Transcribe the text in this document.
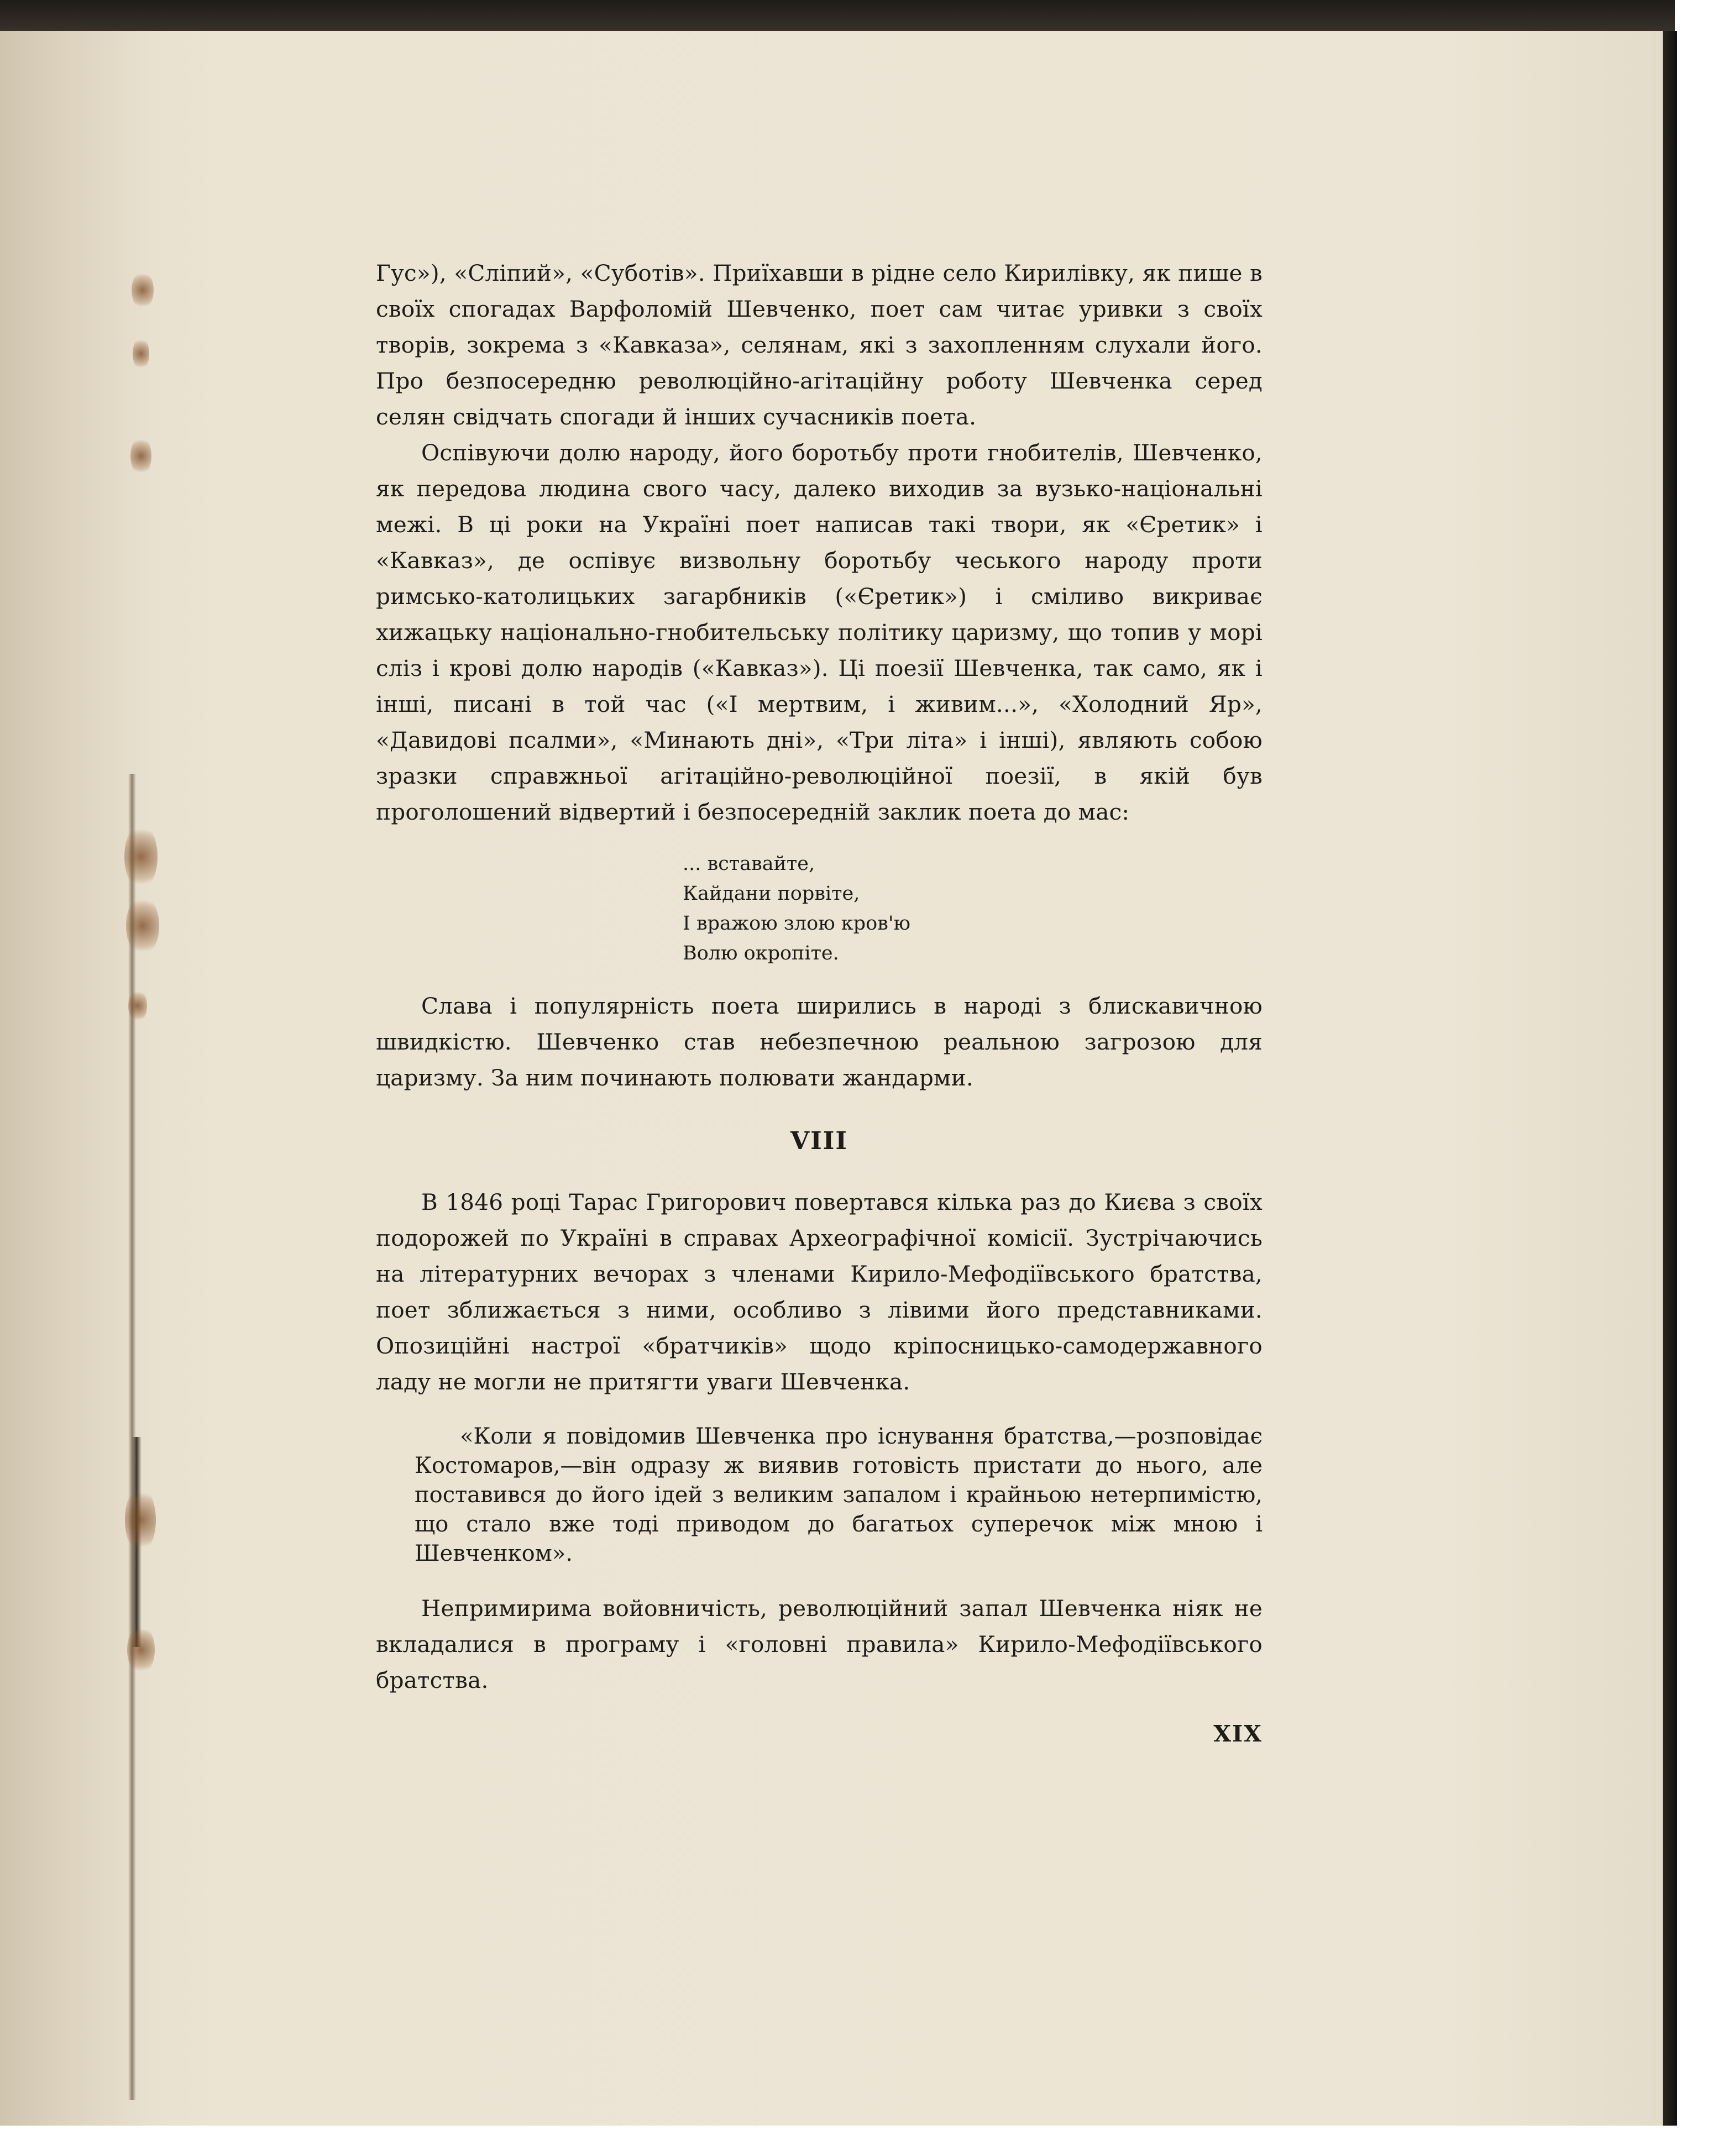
Гус»), «Сліпий», «Суботів». Приїхавши в рідне село Кирилівку, як пише в своїх спогадах Варфоломій Шевченко, поет сам читає уривки з своїх творів, зокрема з «Кавказа», селянам, які з захопленням слухали його. Про безпосередню революційно-агітаційну роботу Шевченка серед селян свідчать спогади й інших сучасників поета.

Оспівуючи долю народу, його боротьбу проти гнобителів, Шевченко, як передова людина свого часу, далеко виходив за вузько-національні межі. В ці роки на Україні поет написав такі твори, як «Єретик» і «Кавказ», де оспівує визвольну боротьбу чеського народу проти римсько-католицьких загарбників («Єретик») і сміливо викриває хижацьку національно-гнобительську політику царизму, що топив у морі сліз і крові долю народів («Кавказ»). Ці поезії Шевченка, так само, як і інші, писані в той час («І мертвим, і живим...», «Холодний Яр», «Давидові псалми», «Минають дні», «Три літа» і інші), являють собою зразки справжньої агітаційно-революційної поезії, в якій був проголошений відвертий і безпосередній заклик поета до мас:

... вставайте,
Кайдани порвіте,
І вражою злою кров'ю
Волю окропіте.

Слава і популярність поета ширились в народі з блискавичною швидкістю. Шевченко став небезпечною реальною загрозою для царизму. За ним починають полювати жандарми.

VIII

В 1846 році Тарас Григорович повертався кілька раз до Києва з своїх подорожей по Україні в справах Археографічної комісії. Зустрічаючись на літературних вечорах з членами Кирило-Мефодіївського братства, поет зближається з ними, особливо з лівими його представниками. Опозиційні настрої «братчиків» щодо кріпосницько-самодержавного ладу не могли не притягти уваги Шевченка.

«Коли я повідомив Шевченка про існування братства,—розповідає Костомаров,—він одразу ж виявив готовість пристати до нього, але поставився до його ідей з великим запалом і крайньою нетерпимістю, що стало вже тоді приводом до багатьох суперечок між мною і Шевченком».

Непримирима войовничість, революційний запал Шевченка ніяк не вкладалися в програму і «головні правила» Кирило-Мефодіївського братства.

XIX
